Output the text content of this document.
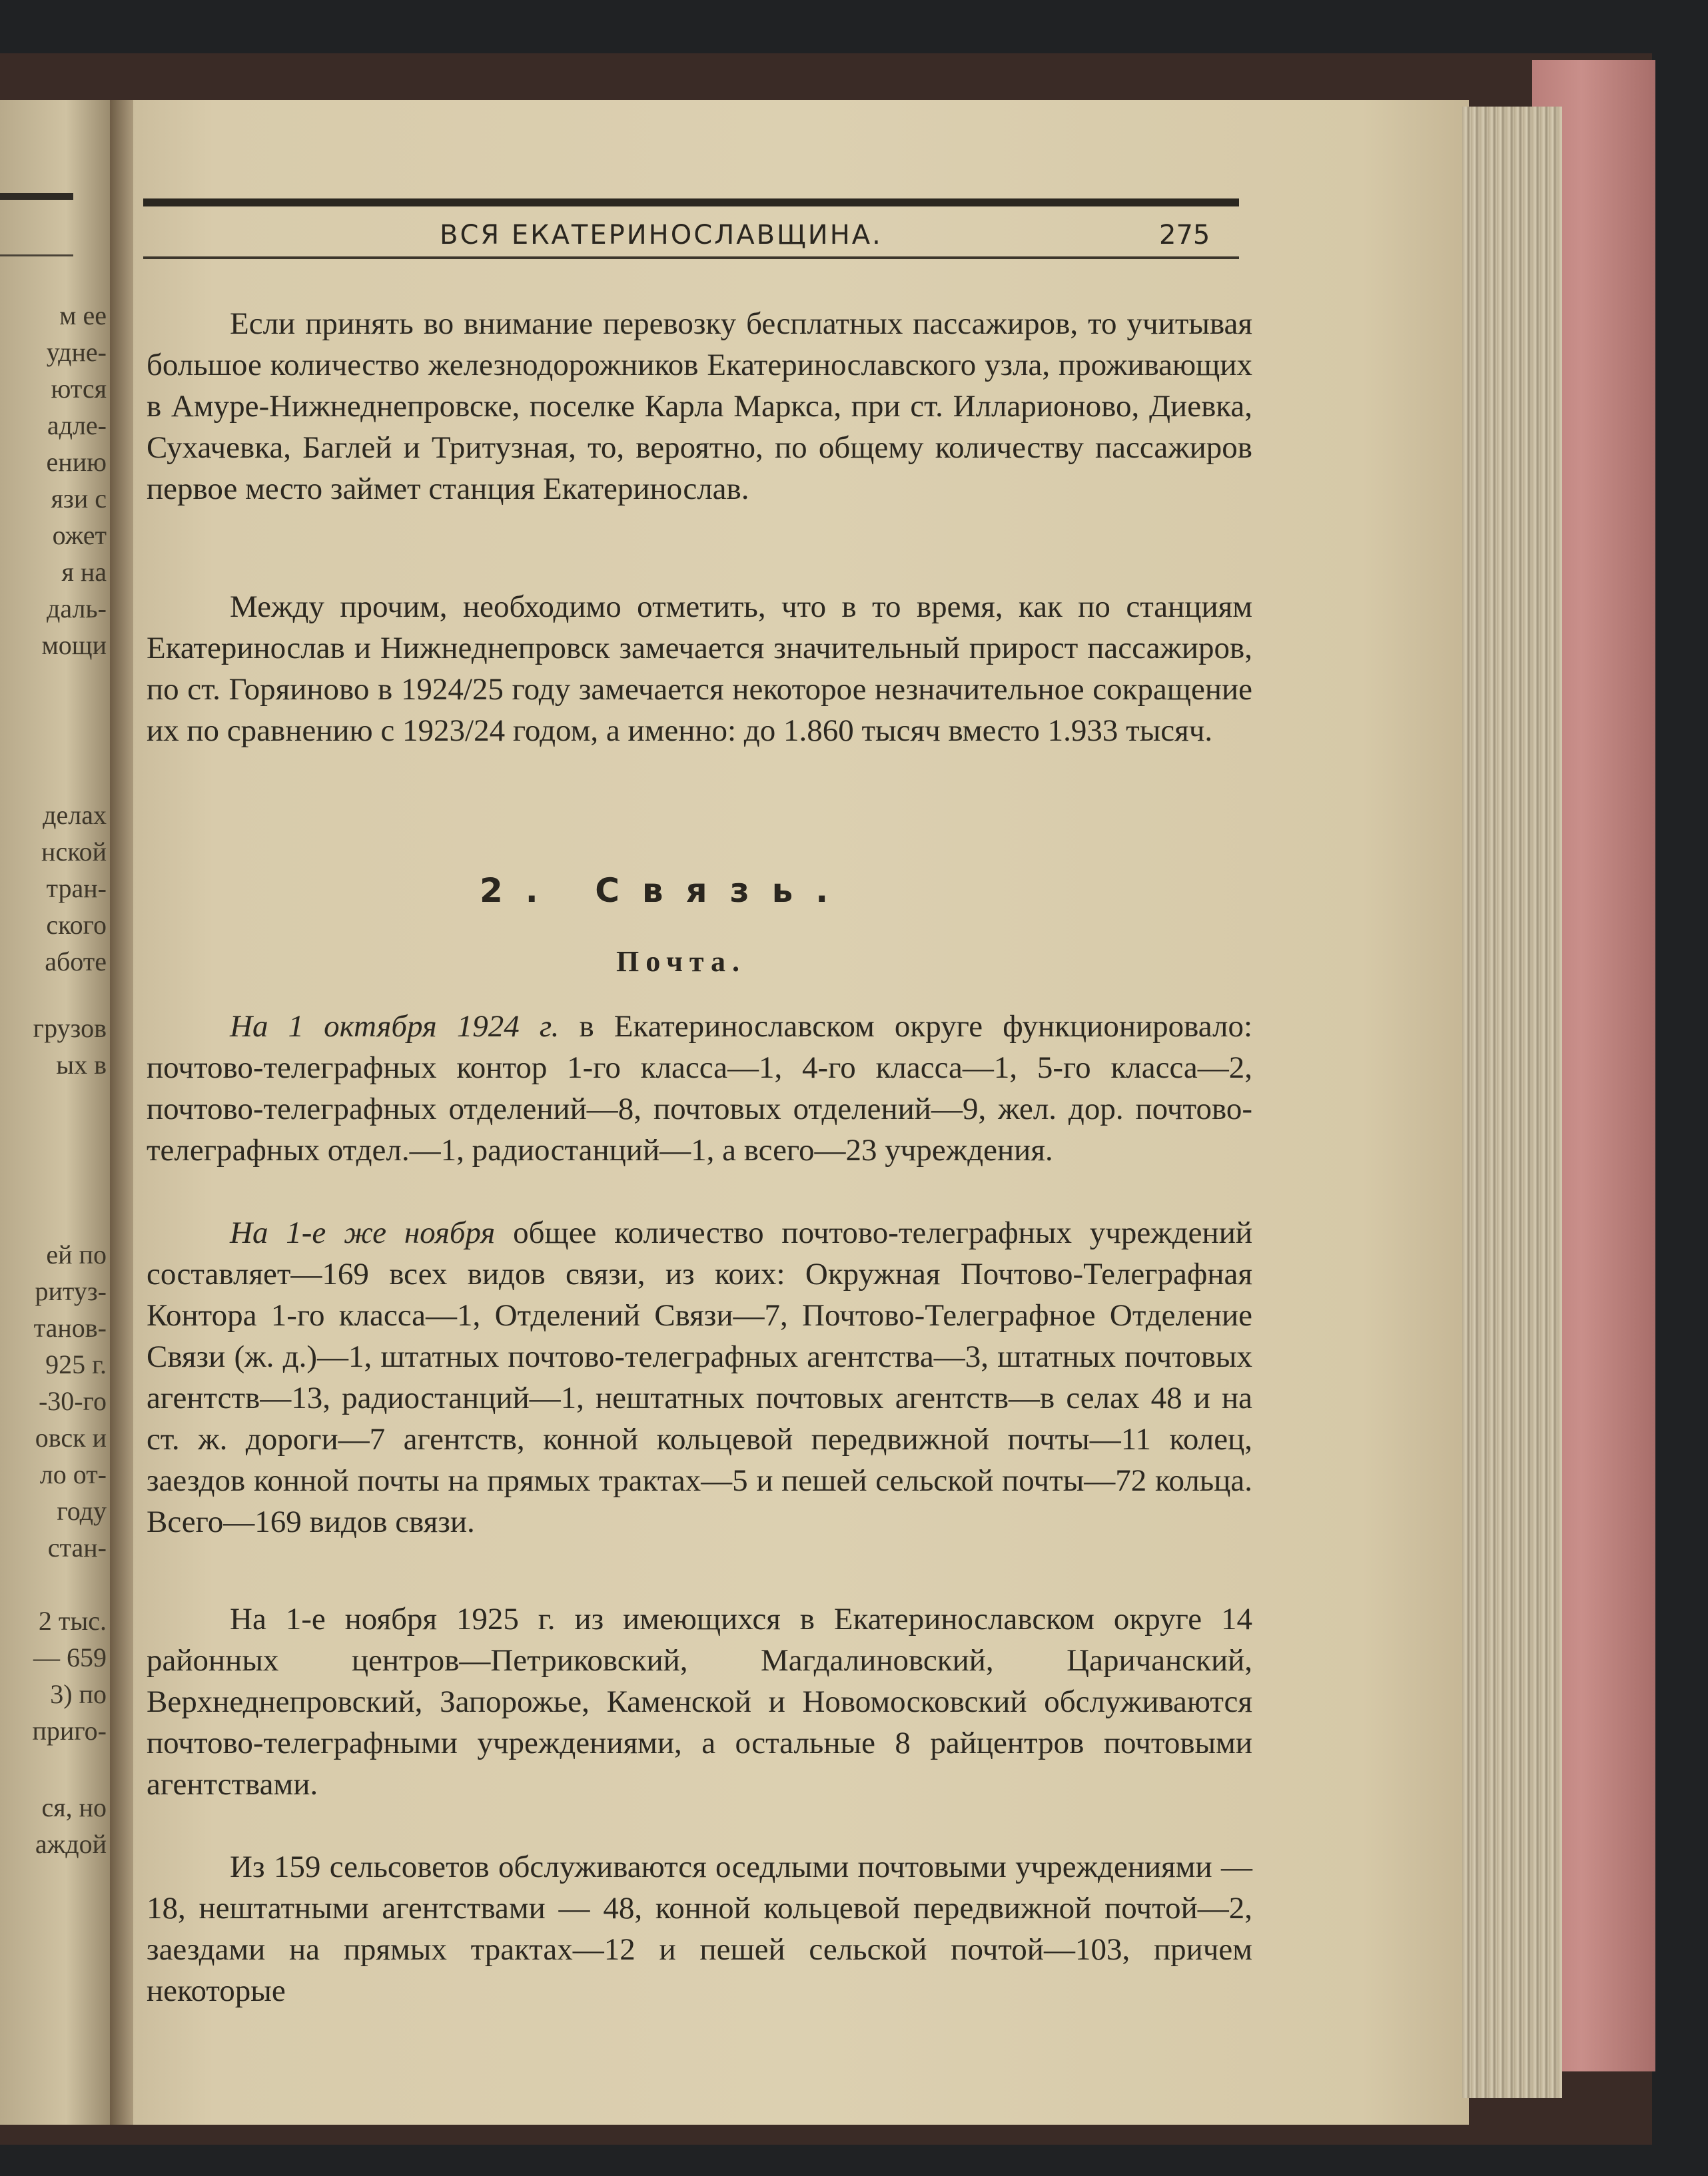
м ее
удне-
ются
адле-
ению
язи с
ожет
я на
даль-
мощи
делах
нской
тран-
ского
аботе
грузов
ых в
ей по
ритуз-
танов-
925 г.
-30-го
овск и
ло от-
году
стан-
2 тыс.
— 659
3) по
приго-
ся, но
аждой
ВСЯ ЕКАТЕРИНОСЛАВЩИНА.	275

Если принять во внимание перевозку бесплатных пассажиров, то учитывая большое количество железнодорожников Екатеринославского узла, проживающих в Амуре-Нижнеднепровске, поселке Карла Маркса, при ст. Илларионово, Диевка, Сухачевка, Баглей и Тритузная, то, вероятно, по общему количеству пассажиров первое место займет станция Екатеринослав.

Между прочим, необходимо отметить, что в то время, как по станциям Екатеринослав и Нижнеднепровск замечается значительный прирост пассажиров, по ст. Горяиново в 1924/25 году замечается некоторое незначительное сокращение их по сравнению с 1923/24 годом, а именно: до 1.860 тысяч вместо 1.933 тысяч.

2. Связь.
Почта.

На 1 октября 1924 г. в Екатеринославском округе функционировало: почтово-телеграфных контор 1-го класса—1, 4-го класса—1, 5-го класса—2, почтово-телеграфных отделений—8, почтовых отделений—9, жел. дор. почтово-телеграфных отдел.—1, радиостанций—1, а всего—23 учреждения.

На 1-е же ноября общее количество почтово-телеграфных учреждений составляет—169 всех видов связи, из коих: Окружная Почтово-Телеграфная Контора 1-го класса—1, Отделений Связи—7, Почтово-Телеграфное Отделение Связи (ж. д.)—1, штатных почтово-телеграфных агентства—3, штатных почтовых агентств—13, радиостанций—1, нештатных почтовых агентств—в селах 48 и на ст. ж. дороги—7 агентств, конной кольцевой передвижной почты—11 колец, заездов конной почты на прямых трактах—5 и пешей сельской почты—72 кольца. Всего—169 видов связи.

На 1-е ноября 1925 г. из имеющихся в Екатеринославском округе 14 районных центров—Петриковский, Магдалиновский, Царичанский, Верхнеднепровский, Запорожье, Каменской и Новомосковский обслуживаются почтово-телеграфными учреждениями, а остальные 8 райцентров почтовыми агентствами.

Из 159 сельсоветов обслуживаются оседлыми почтовыми учреждениями — 18, нештатными агентствами — 48, конной кольцевой передвижной почтой—2, заездами на прямых трактах—12 и пешей сельской почтой—103, причем некоторые
